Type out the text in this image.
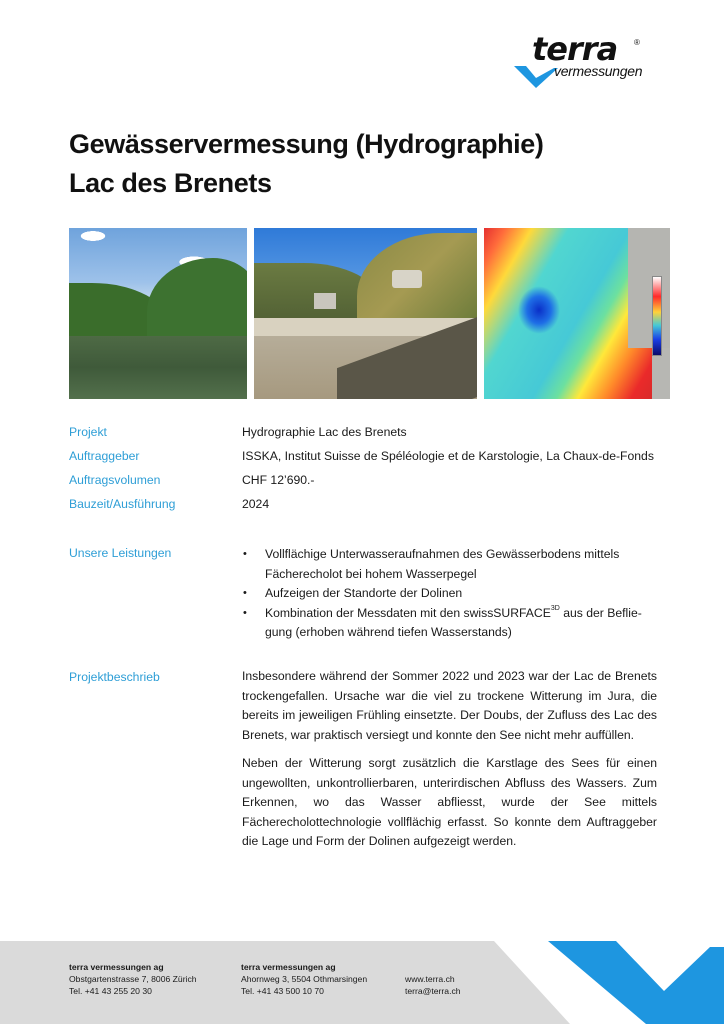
terra ®
vermessungen
Gewässervermessung (Hydrographie)
Lac des Brenets
Projekt	Hydrographie Lac des Brenets
Auftraggeber	ISSKA, Institut Suisse de Spéléologie et de Karstologie, La Chaux-de-Fonds
Auftragsvolumen	CHF 12’690.-
Bauzeit/Ausführung	2024
Unsere Leistungen	• Vollflächige Unterwasseraufnahmen des Gewässerbodens mittels
Fächerecholot bei hohem Wasserpegel
• Aufzeigen der Standorte der Dolinen
• Kombination der Messdaten mit den swissSURFACE$^{3D}$ aus der Beflie-
gung (erhoben während tiefen Wasserstands)
Projektbeschrieb	Insbesondere während der Sommer 2022 und 2023 war der Lac de Brenets trockengefallen. Ursache war die viel zu trockene Witterung im Jura, die bereits im jeweiligen Frühling einsetzte. Der Doubs, der Zufluss des Lac des Brenets, war praktisch versiegt und konnte den See nicht mehr auffüllen.
Neben der Witterung sorgt zusätzlich die Karstlage des Sees für einen ungewollten, unkontrollierbaren, unterirdischen Abfluss des Wassers. Zum Erkennen, wo das Wasser abfliesst, wurde der See mittels Fächerecholottechnologie vollflächig erfasst. So konnte dem Auftraggeber die Lage und Form der Dolinen aufgezeigt werden.
terra vermessungen ag
Obstgartenstrasse 7, 8006 Zürich
Tel. +41 43 255 20 30
terra vermessungen ag
Ahornweg 3, 5504 Othmarsingen
Tel. +41 43 500 10 70
www.terra.ch
terra@terra.ch
